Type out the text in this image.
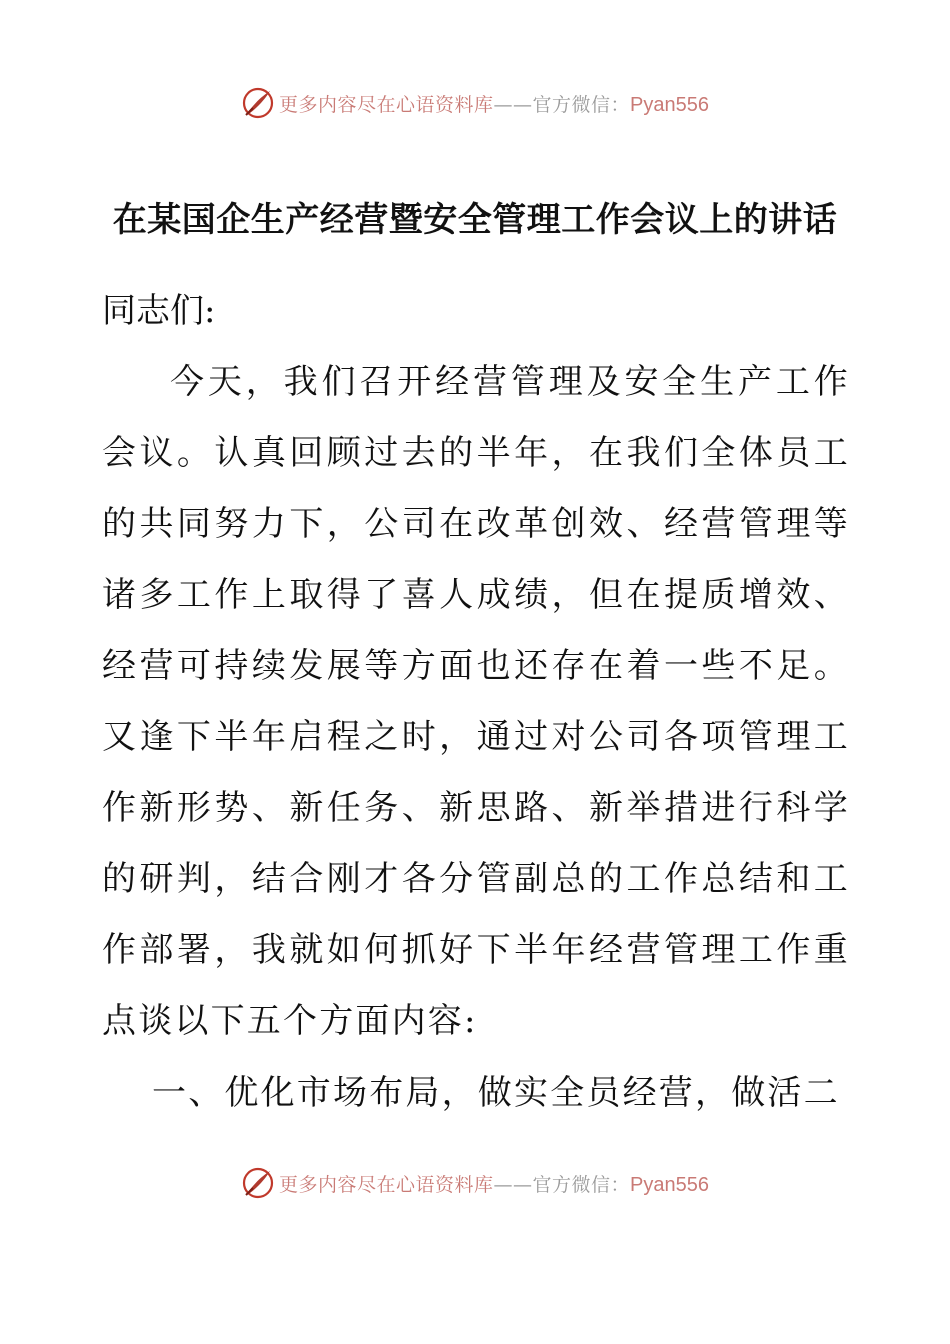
更多内容尽在心语资料库——官方微信：Pyan556
在某国企生产经营暨安全管理工作会议上的讲话

同志们:

今天，我们召开经营管理及安全生产工作会议。认真回顾过去的半年，在我们全体员工的共同努力下，公司在改革创效、经营管理等诸多工作上取得了喜人成绩，但在提质增效、经营可持续发展等方面也还存在着一些不足。又逢下半年启程之时，通过对公司各项管理工作新形势、新任务、新思路、新举措进行科学的研判，结合刚才各分管副总的工作总结和工作部署，我就如何抓好下半年经营管理工作重点谈以下五个方面内容:

一、优化市场布局，做实全员经营，做活二

更多内容尽在心语资料库——官方微信：Pyan556
